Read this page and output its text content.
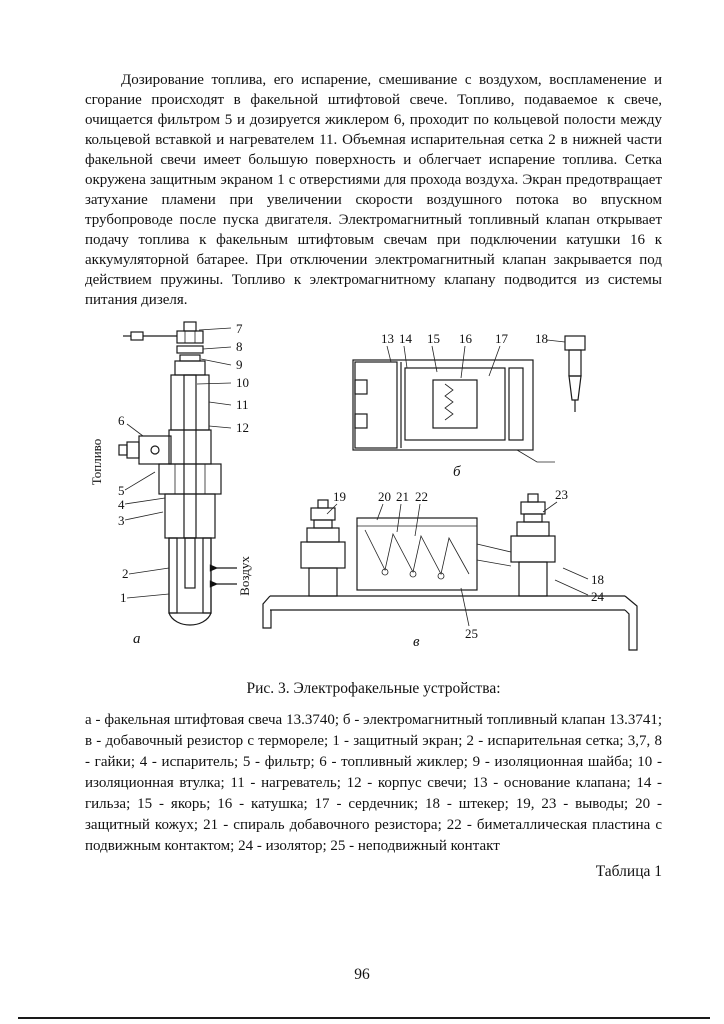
Дозирование топлива, его испарение, смешивание с воздухом, воспламенение и сгорание происходят в факельной штифтовой свече. Топливо, подаваемое к свече, очищается фильтром 5 и дозируется жиклером 6, проходит по кольцевой полости между кольцевой вставкой и нагревателем 11. Объемная испарительная сетка 2 в нижней части факельной свечи имеет большую поверхность и облегчает испарение топлива. Сетка окружена защитным экраном 1 с отверстиями для прохода воздуха. Экран предотвращает затухание пламени при увеличении скорости воздушного потока во впускном трубопроводе после пуска двигателя. Электромагнитный топливный клапан открывает подачу топлива к факельным штифтовым свечам при подключении катушки 16 к аккумуляторной батарее. При отключении электромагнитный клапан закрывается под действием пружины. Топливо к электромагнитному клапану подводится из системы питания дизеля.

Топливо
Воздух
7
8
9
10
11
12
6
5
4
3
2
1
а
13 14 15 16 17 18
б
19 20 21 22	23
18
24
25
в
Рис. 3. Электрофакельные устройства:
а - факельная штифтовая свеча 13.3740; б - электромагнитный топливный клапан 13.3741; в - добавочный резистор с термореле; 1 - защитный экран; 2 - испарительная сетка; 3,7, 8 - гайки; 4 - испаритель; 5 - фильтр; 6 - топливный жиклер; 9 - изоляционная шайба; 10 - изоляционная втулка; 11 - нагреватель; 12 - корпус свечи; 13 - основание клапана; 14 - гильза; 15 - якорь; 16 - катушка; 17 - сердечник; 18 - штекер; 19, 23 - выводы; 20 - защитный кожух; 21 - спираль добавочного резистора; 22 - биметаллическая пластина с подвижным контактом; 24 - изолятор; 25 - неподвижный контакт
Таблица 1
96
